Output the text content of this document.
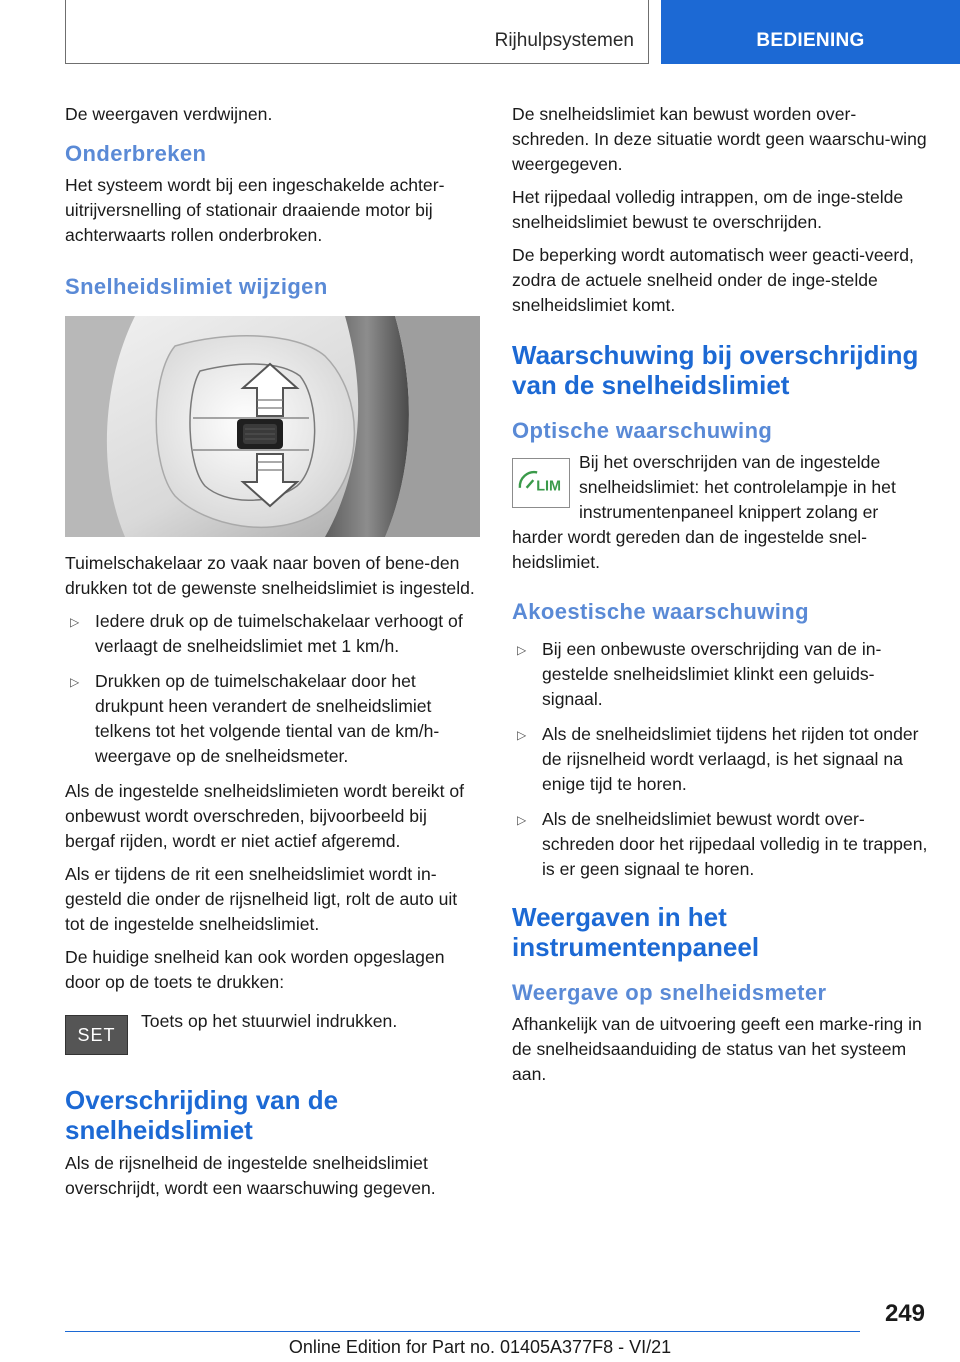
Rijhulpsystemen	BEDIENING

De weergaven verdwijnen.

Onderbreken

Het systeem wordt bij een ingeschakelde achter-uitrijversnelling of stationair draaiende motor bij achterwaarts rollen onderbroken.

Snelheidslimiet wijzigen

Tuimelschakelaar zo vaak naar boven of bene-den drukken tot de gewenste snelheidslimiet is ingesteld.

▷ Iedere druk op de tuimelschakelaar verhoogt of verlaagt de snelheidslimiet met 1 km/h.
▷ Drukken op de tuimelschakelaar door het drukpunt heen verandert de snelheidslimiet telkens tot het volgende tiental van de km/h-weergave op de snelheidsmeter.

Als de ingestelde snelheidslimieten wordt bereikt of onbewust wordt overschreden, bijvoorbeeld bij bergaf rijden, wordt er niet actief afgeremd.

Als er tijdens de rit een snelheidslimiet wordt in-gesteld die onder de rijsnelheid ligt, rolt de auto uit tot de ingestelde snelheidslimiet.

De huidige snelheid kan ook worden opgeslagen door op de toets te drukken:

SET
Toets op het stuurwiel indrukken.
Overschrijding van de snelheidslimiet

Als de rijsnelheid de ingestelde snelheidslimiet overschrijdt, wordt een waarschuwing gegeven.

De snelheidslimiet kan bewust worden over-schreden. In deze situatie wordt geen waarschu-wing weergegeven.

Het rijpedaal volledig intrappen, om de inge-stelde snelheidslimiet bewust te overschrijden.

De beperking wordt automatisch weer geacti-veerd, zodra de actuele snelheid onder de inge-stelde snelheidslimiet komt.

Waarschuwing bij overschrijding van de snelheidslimiet
Optische waarschuwing
LIM
Bij het overschrijden van de ingestelde snelheidslimiet: het controlelampje in het instrumentenpaneel knippert zolang er

harder wordt gereden dan de ingestelde snel-heidslimiet.

Akoestische waarschuwing
▷ Bij een onbewuste overschrijding van de in-gestelde snelheidslimiet klinkt een geluids-signaal.
▷ Als de snelheidslimiet tijdens het rijden tot onder de rijsnelheid wordt verlaagd, is het signaal na enige tijd te horen.
▷ Als de snelheidslimiet bewust wordt over-schreden door het rijpedaal volledig in te trappen, is er geen signaal te horen.
Weergaven in het instrumentenpaneel
Weergave op snelheidsmeter

Afhankelijk van de uitvoering geeft een marke-ring in de snelheidsaanduiding de status van het systeem aan.

249
Online Edition for Part no. 01405A377F8 - VI/21
